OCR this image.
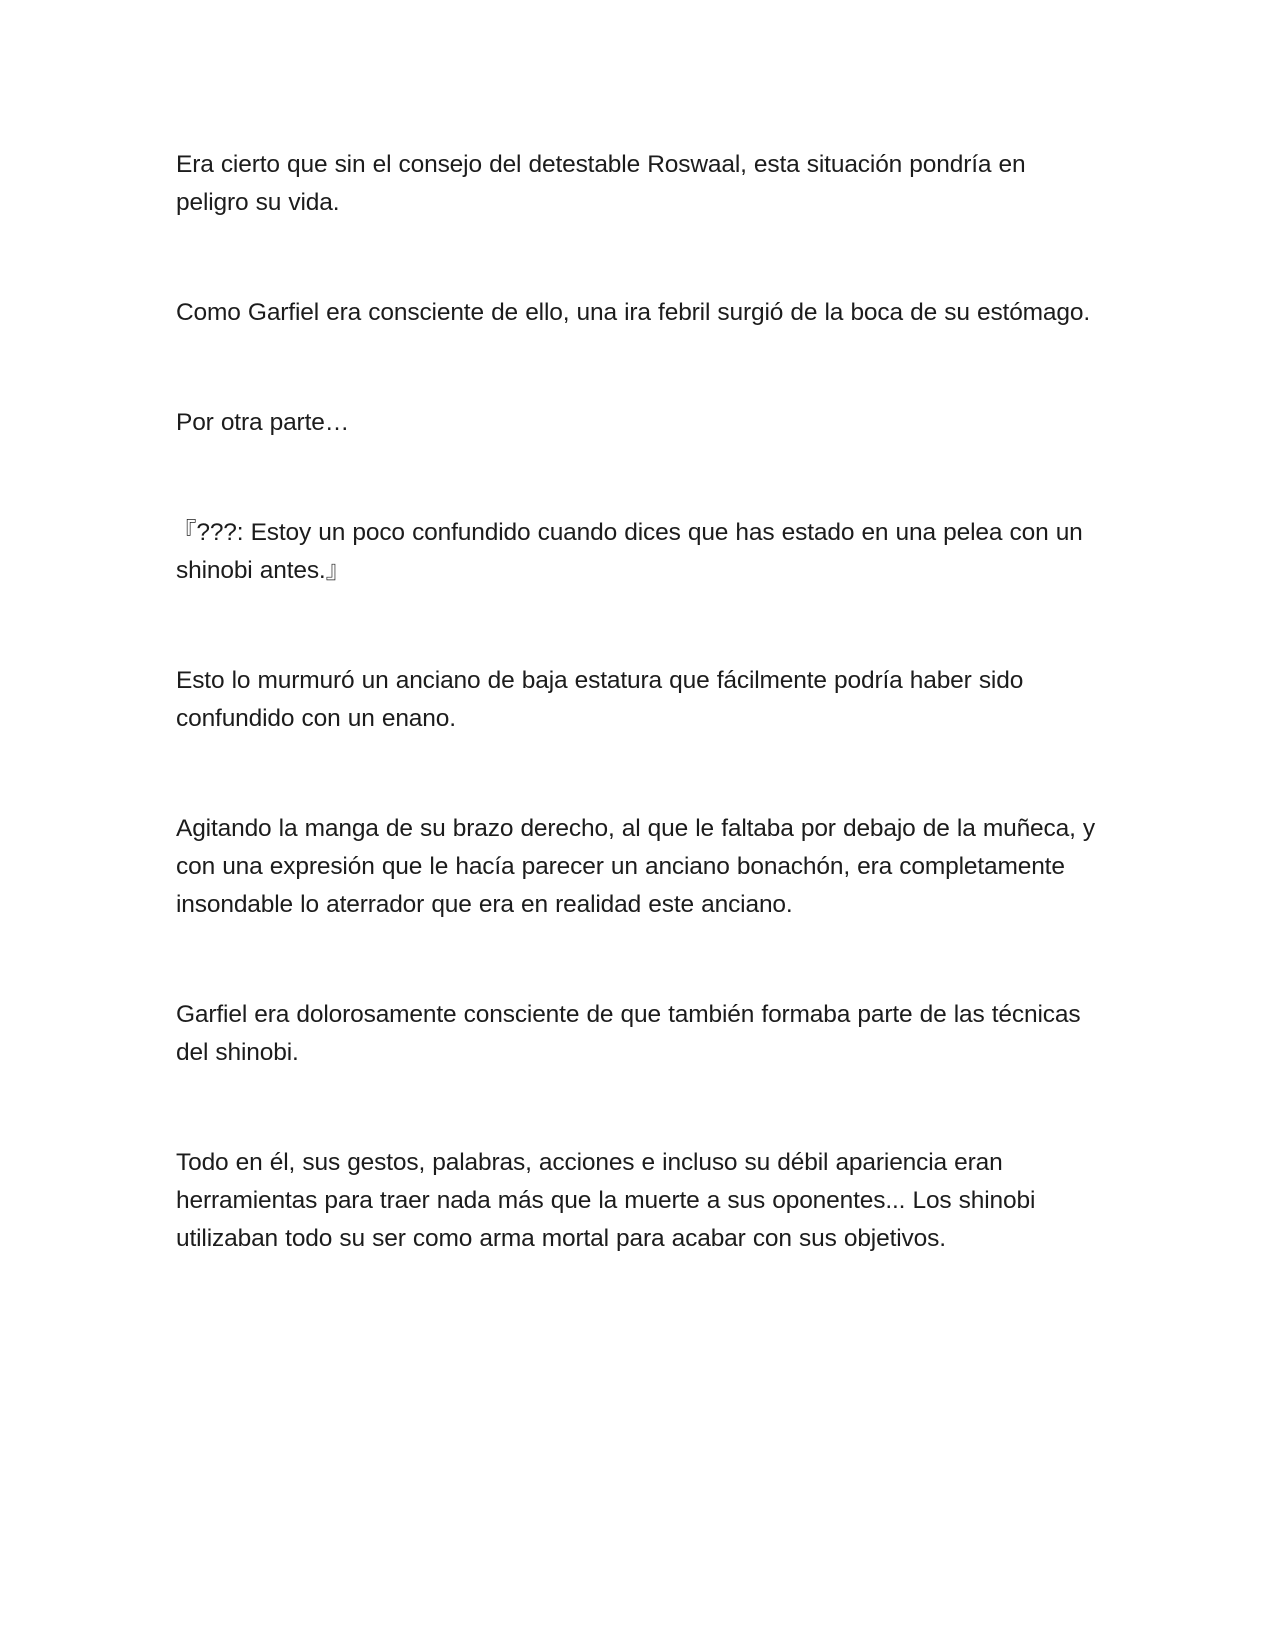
Era cierto que sin el consejo del detestable Roswaal, esta situación pondría en peligro su vida.

Como Garfiel era consciente de ello, una ira febril surgió de la boca de su estómago.

Por otra parte…

『???: Estoy un poco confundido cuando dices que has estado en una pelea con un shinobi antes.』

Esto lo murmuró un anciano de baja estatura que fácilmente podría haber sido confundido con un enano.

Agitando la manga de su brazo derecho, al que le faltaba por debajo de la muñeca, y con una expresión que le hacía parecer un anciano bonachón, era completamente insondable lo aterrador que era en realidad este anciano.

Garfiel era dolorosamente consciente de que también formaba parte de las técnicas del shinobi.

Todo en él, sus gestos, palabras, acciones e incluso su débil apariencia eran herramientas para traer nada más que la muerte a sus oponentes... Los shinobi utilizaban todo su ser como arma mortal para acabar con sus objetivos.
